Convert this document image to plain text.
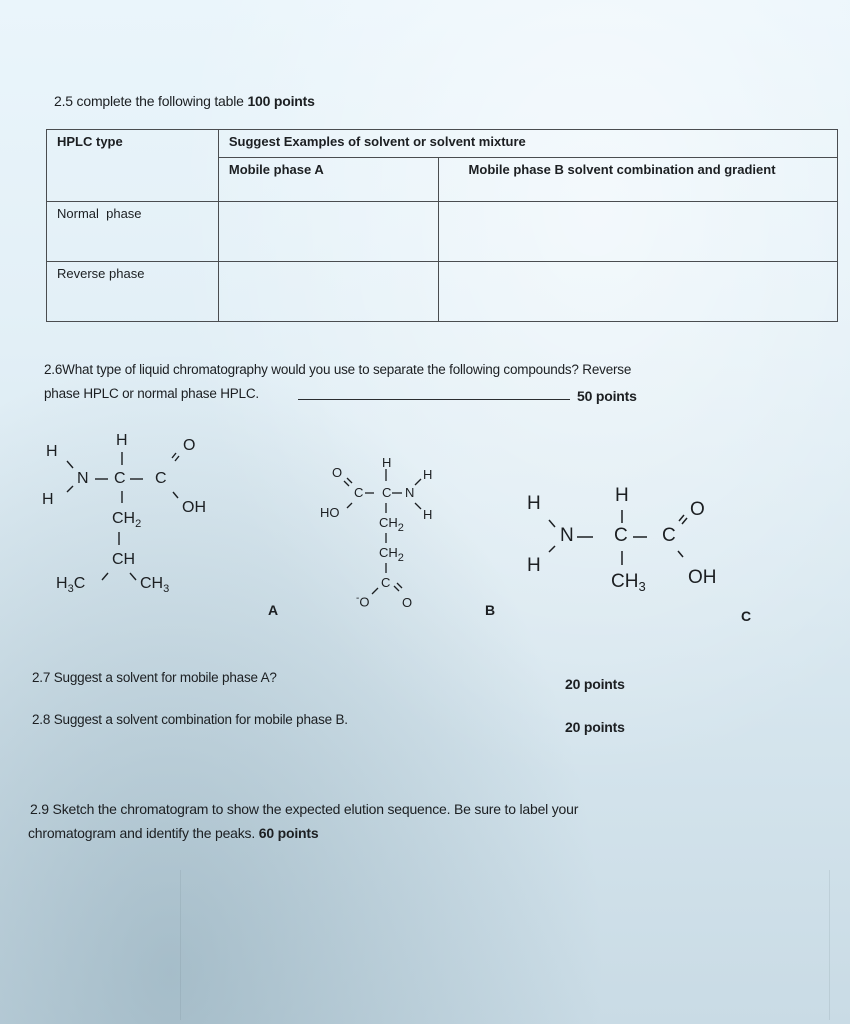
2.5 complete the following table 100 points
HPLC type	Suggest Examples of solvent or solvent mixture	
	Mobile phase A	Mobile phase B solvent combination and gradient
Normal  phase		
Reverse phase		
2.6What type of liquid chromatography would you use to separate the following compounds? Reverse
phase HPLC or normal phase HPLC.	50 points
H
H
N
H
C C
O
OH
$CH_2$
CH
$H_3C$	$CH_3$
A
O
HO
C
H
C N
H
H
$CH_2$
$CH_2$
C
-O	O	B
H
H
N
H
C C
O
OH
$CH_3$
C
2.7 Suggest a solvent for mobile phase A?	20 points
2.8 Suggest a solvent combination for mobile phase B.	20 points
2.9 Sketch the chromatogram to show the expected elution sequence. Be sure to label your
chromatogram and identify the peaks. 60 points
